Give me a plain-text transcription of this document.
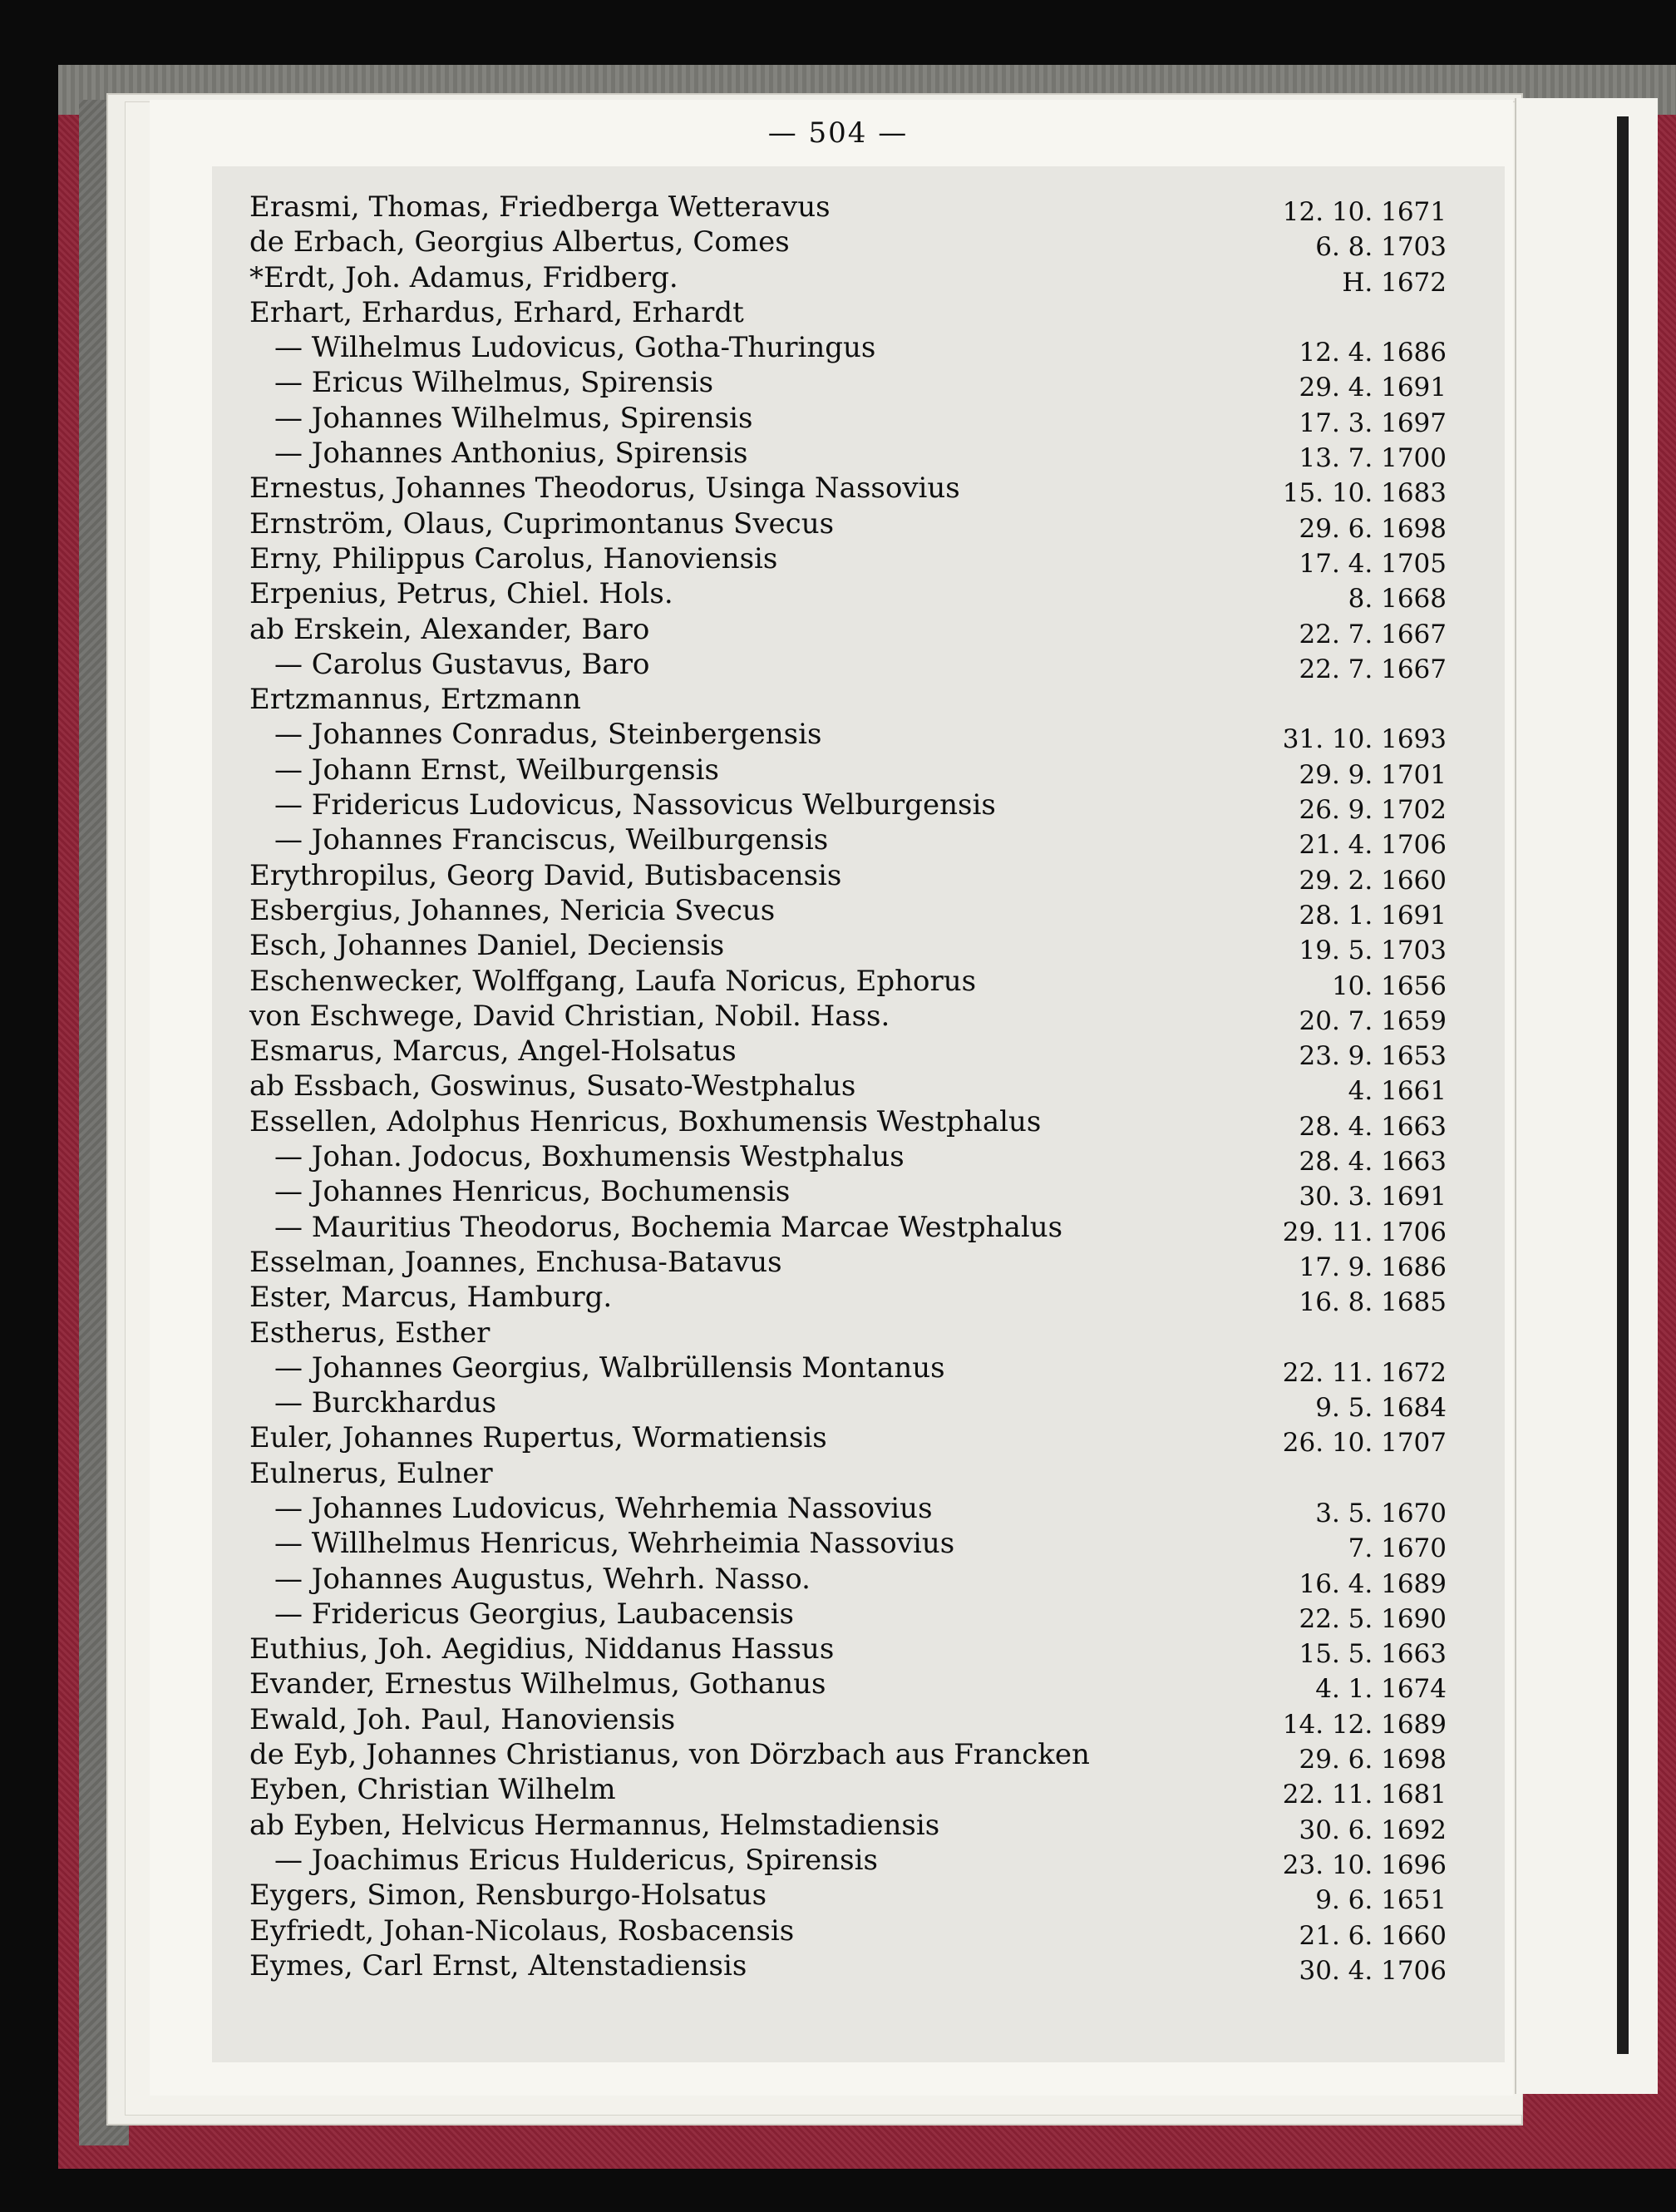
— 504 —
Erasmi, Thomas, Friedberga Wetteravus	12. 10. 1671
de Erbach, Georgius Albertus, Comes	6. 8. 1703
*Erdt, Joh. Adamus, Fridberg.	H. 1672
Erhart, Erhardus, Erhard, Erhardt
— Wilhelmus Ludovicus, Gotha-Thuringus	12. 4. 1686
— Ericus Wilhelmus, Spirensis	29. 4. 1691
— Johannes Wilhelmus, Spirensis	17. 3. 1697
— Johannes Anthonius, Spirensis	13. 7. 1700
Ernestus, Johannes Theodorus, Usinga Nassovius	15. 10. 1683
Ernström, Olaus, Cuprimontanus Svecus	29. 6. 1698
Erny, Philippus Carolus, Hanoviensis	17. 4. 1705
Erpenius, Petrus, Chiel. Hols.	8. 1668
ab Erskein, Alexander, Baro	22. 7. 1667
— Carolus Gustavus, Baro	22. 7. 1667
Ertzmannus, Ertzmann
— Johannes Conradus, Steinbergensis	31. 10. 1693
— Johann Ernst, Weilburgensis	29. 9. 1701
— Fridericus Ludovicus, Nassovicus Welburgensis	26. 9. 1702
— Johannes Franciscus, Weilburgensis	21. 4. 1706
Erythropilus, Georg David, Butisbacensis	29. 2. 1660
Esbergius, Johannes, Nericia Svecus	28. 1. 1691
Esch, Johannes Daniel, Deciensis	19. 5. 1703
Eschenwecker, Wolffgang, Laufa Noricus, Ephorus	10. 1656
von Eschwege, David Christian, Nobil. Hass.	20. 7. 1659
Esmarus, Marcus, Angel-Holsatus	23. 9. 1653
ab Essbach, Goswinus, Susato-Westphalus	4. 1661
Essellen, Adolphus Henricus, Boxhumensis Westphalus	28. 4. 1663
— Johan. Jodocus, Boxhumensis Westphalus	28. 4. 1663
— Johannes Henricus, Bochumensis	30. 3. 1691
— Mauritius Theodorus, Bochemia Marcae Westphalus	29. 11. 1706
Esselman, Joannes, Enchusa-Batavus	17. 9. 1686
Ester, Marcus, Hamburg.	16. 8. 1685
Estherus, Esther
— Johannes Georgius, Walbrüllensis Montanus	22. 11. 1672
— Burckhardus	9. 5. 1684
Euler, Johannes Rupertus, Wormatiensis	26. 10. 1707
Eulnerus, Eulner
— Johannes Ludovicus, Wehrhemia Nassovius	3. 5. 1670
— Willhelmus Henricus, Wehrheimia Nassovius	7. 1670
— Johannes Augustus, Wehrh. Nasso.	16. 4. 1689
— Fridericus Georgius, Laubacensis	22. 5. 1690
Euthius, Joh. Aegidius, Niddanus Hassus	15. 5. 1663
Evander, Ernestus Wilhelmus, Gothanus	4. 1. 1674
Ewald, Joh. Paul, Hanoviensis	14. 12. 1689
de Eyb, Johannes Christianus, von Dörzbach aus Francken	29. 6. 1698
Eyben, Christian Wilhelm	22. 11. 1681
ab Eyben, Helvicus Hermannus, Helmstadiensis	30. 6. 1692
— Joachimus Ericus Huldericus, Spirensis	23. 10. 1696
Eygers, Simon, Rensburgo-Holsatus	9. 6. 1651
Eyfriedt, Johan-Nicolaus, Rosbacensis	21. 6. 1660
Eymes, Carl Ernst, Altenstadiensis	30. 4. 1706
